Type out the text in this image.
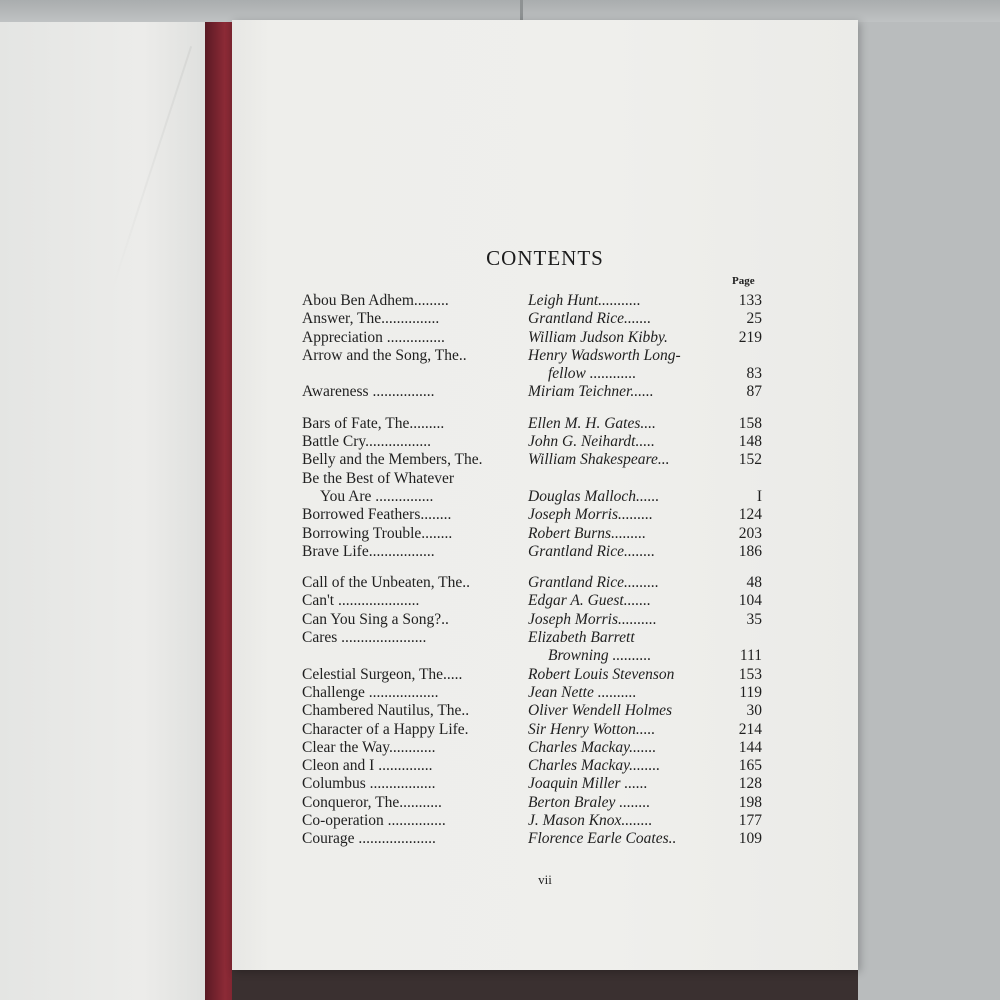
CONTENTS
Page
Abou Ben Adhem.........	Leigh Hunt...........	133
Answer, The...............	Grantland Rice.......	25
Appreciation ...............	William Judson Kibby.	219
Arrow and the Song, The..	Henry Wadsworth Long-
fellow ............	83
Awareness ................	Miriam Teichner......	87
Bars of Fate, The.........	Ellen M. H. Gates....	158
Battle Cry.................	John G. Neihardt.....	148
Belly and the Members, The.	William Shakespeare...	152
Be the Best of Whatever
You Are ...............	Douglas Malloch......	I
Borrowed Feathers........	Joseph Morris.........	124
Borrowing Trouble........	Robert Burns.........	203
Brave Life.................	Grantland Rice........	186
Call of the Unbeaten, The..	Grantland Rice.........	48
Can't .....................	Edgar A. Guest.......	104
Can You Sing a Song?..	Joseph Morris..........	35
Cares ......................	Elizabeth Barrett
Browning ..........	111
Celestial Surgeon, The.....	Robert Louis Stevenson	153
Challenge ..................	Jean Nette ..........	119
Chambered Nautilus, The..	Oliver Wendell Holmes	30
Character of a Happy Life.	Sir Henry Wotton.....	214
Clear the Way............	Charles Mackay.......	144
Cleon and I ..............	Charles Mackay........	165
Columbus .................	Joaquin Miller ......	128
Conqueror, The...........	Berton Braley ........	198
Co-operation ...............	J. Mason Knox........	177
Courage ....................	Florence Earle Coates..	109
vii
